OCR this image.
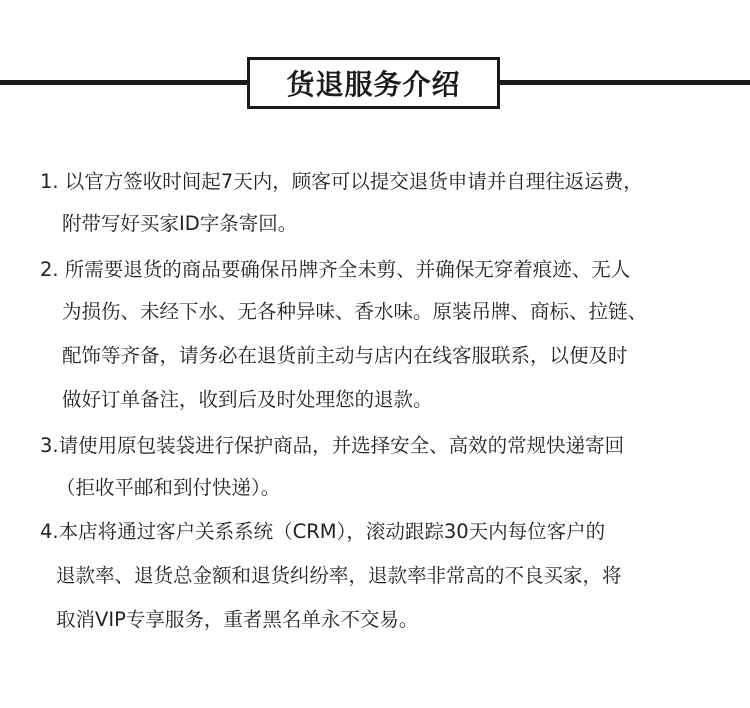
货退服务介绍
1. 以官方签收时间起7天内，顾客可以提交退货申请并自理往返运费，
附带写好买家ID字条寄回。
2. 所需要退货的商品要确保吊牌齐全未剪、并确保无穿着痕迹、无人
为损伤、未经下水、无各种异味、香水味。原装吊牌、商标、拉链、
配饰等齐备，请务必在退货前主动与店内在线客服联系，以便及时
做好订单备注，收到后及时处理您的退款。
3.请使用原包装袋进行保护商品，并选择安全、高效的常规快递寄回
（拒收平邮和到付快递）。
4.本店将通过客户关系系统（CRM），滚动跟踪30天内每位客户的
退款率、退货总金额和退货纠纷率，退款率非常高的不良买家，将
取消VIP专享服务，重者黑名单永不交易。
